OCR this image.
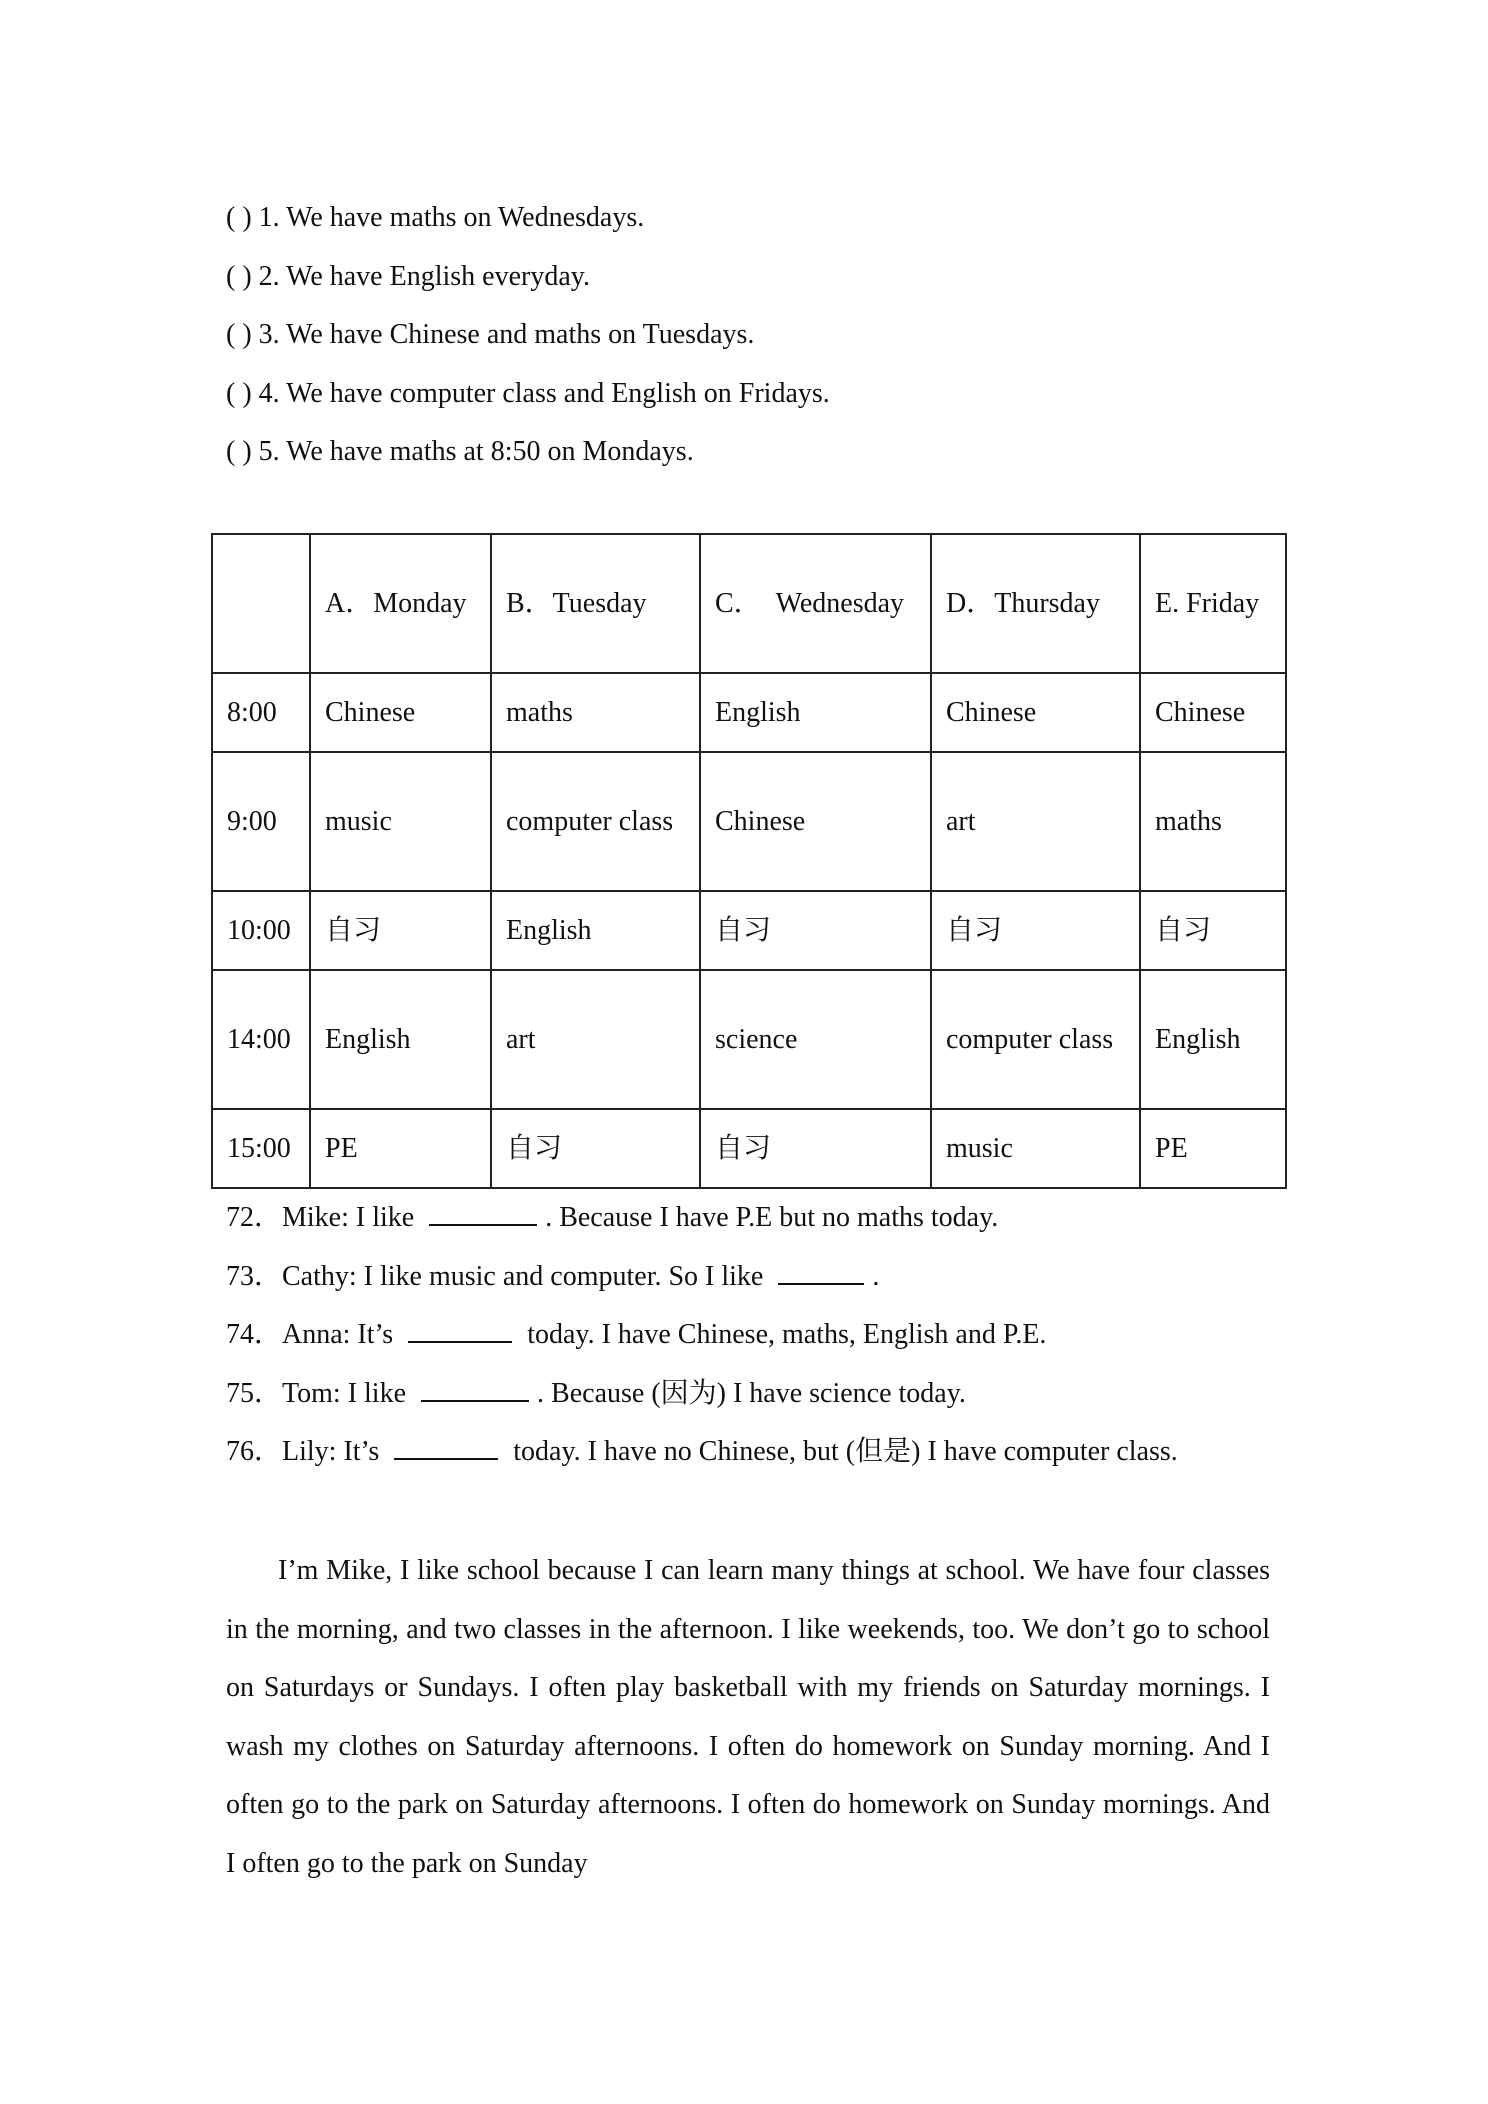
( ) 1. We have maths on Wednesdays.
( ) 2. We have English everyday.
( ) 3. We have Chinese and maths on Tuesdays.
( ) 4. We have computer class and English on Fridays.
( ) 5. We have maths at 8:50 on Mondays.
	A．Monday	B．Tuesday	C．　Wednesday	D．Thursday	E. Friday
8:00	Chinese	maths	English	Chinese	Chinese
9:00	music	computer class	Chinese	art	maths
10:00	自习	English	自习	自习	自习
14:00	English	art	science	computer class	English
15:00	PE	自习	自习	music	PE
72．Mike: I like	. Because I have P.E but no maths today.
73．Cathy: I like music and computer. So I like	.
74．Anna: It’s	today. I have Chinese, maths, English and P.E.
75．Tom: I like	. Because (因为) I have science today.
76．Lily: It’s	today. I have no Chinese, but (但是) I have computer class.

I’m Mike, I like school because I can learn many things at school. We have four classes in the morning, and two classes in the afternoon. I like weekends, too. We don’t go to school on Saturdays or Sundays. I often play basketball with my friends on Saturday mornings. I wash my clothes on Saturday afternoons. I often do homework on Sunday morning. And I often go to the park on Saturday afternoons. I often do homework on Sunday mornings. And I often go to the park on Sunday
